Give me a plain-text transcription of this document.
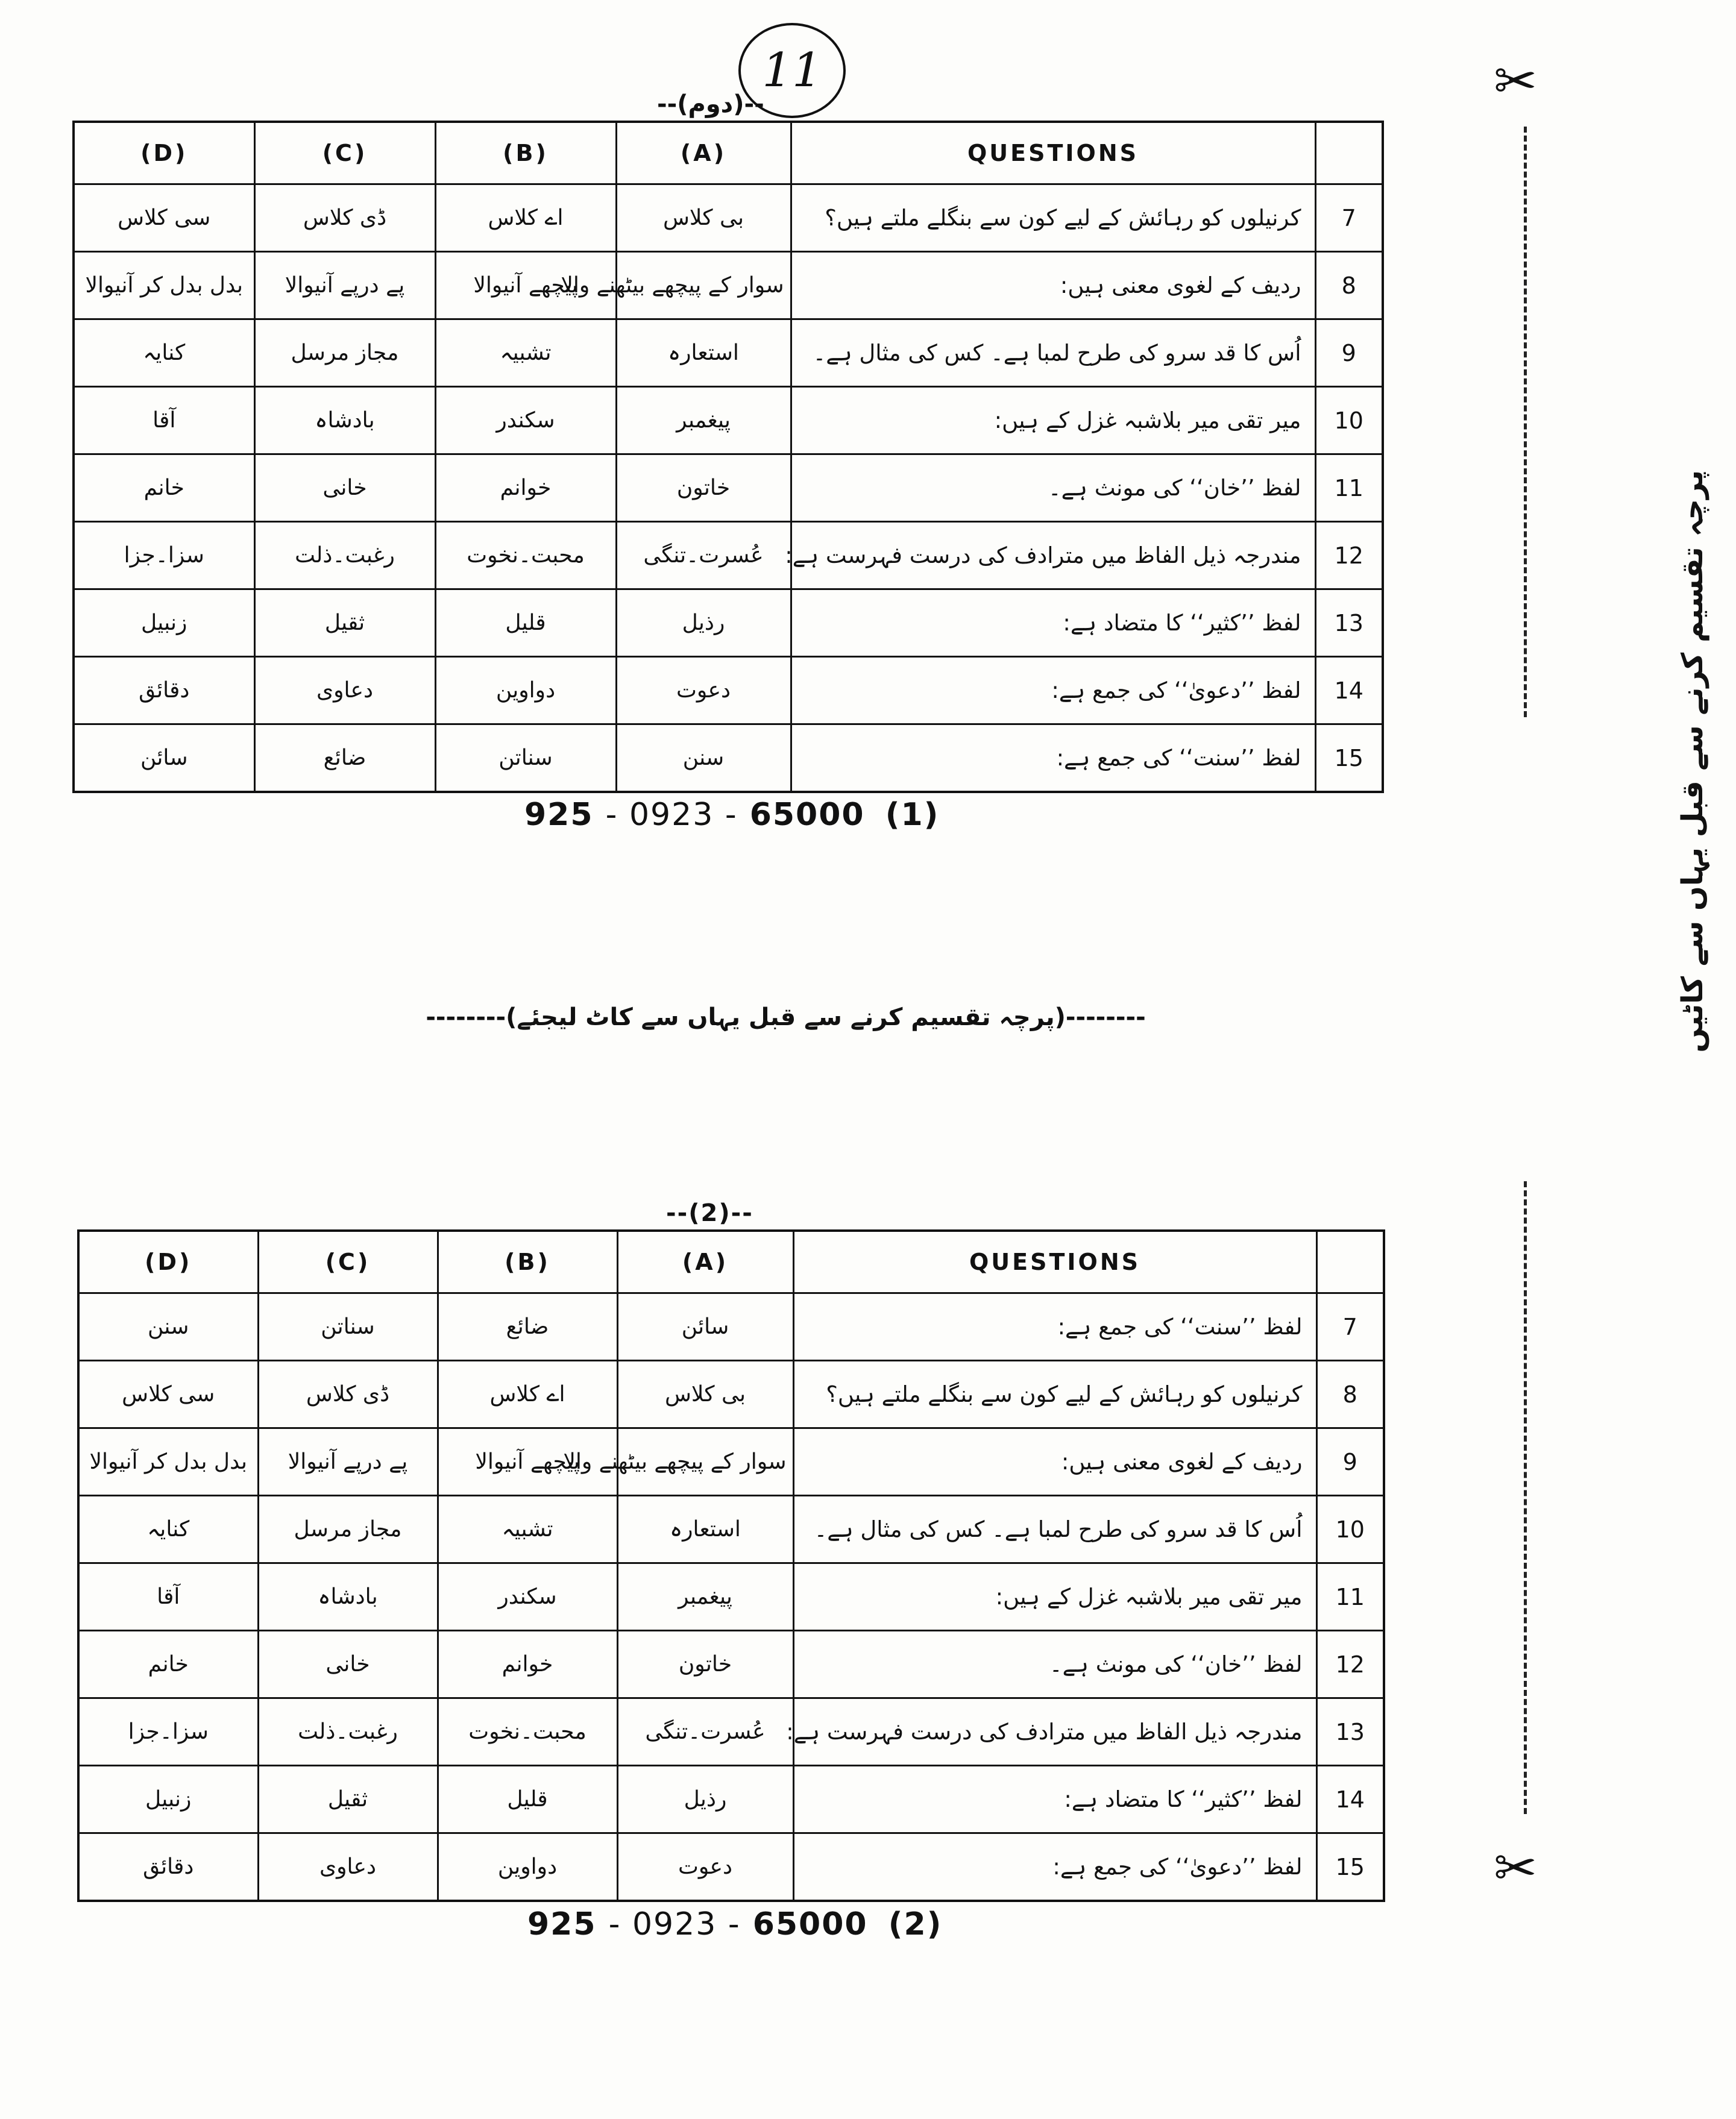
--(دوم)--
11
(D)	(C)	(B)	(A)	QUESTIONS	
سی کلاس	ڈی کلاس	اے کلاس	بی کلاس	کرنیلوں کو رہائش کے لیے کون سے بنگلے ملتے ہیں؟	7
بدل بدل کر آنیوالا	پے درپے آنیوالا	پیچھے آنیوالا	سوار کے پیچھے بیٹھنے والا	ردیف کے لغوی معنی ہیں:	8
کنایہ	مجاز مرسل	تشبیہ	استعارہ	اُس کا قد سرو کی طرح لمبا ہے۔ کس کی مثال ہے۔	9
آقا	بادشاہ	سکندر	پیغمبر	میر تقی میر بلاشبہ غزل کے ہیں:	10
خانم	خانی	خوانم	خاتون	لفظ ’’خان‘‘ کی مونث ہے۔	11
سزا۔جزا	رغبت۔ذلت	محبت۔نخوت	عُسرت۔تنگی	مندرجہ ذیل الفاظ میں مترادف کی درست فہرست ہے:	12
زنبیل	ثقیل	قلیل	رذیل	لفظ ’’کثیر‘‘ کا متضاد ہے:	13
دقائق	دعاوی	دواوین	دعوت	لفظ ’’دعویٰ‘‘ کی جمع ہے:	14
سائن	ضائع	سناتن	سنن	لفظ ’’سنت‘‘ کی جمع ہے:	15
925 - 0923 - 65000 (1)
--------(پرچہ تقسیم کرنے سے قبل یہاں سے کاٹ لیجئے)--------
--(2)--
(D)	(C)	(B)	(A)	QUESTIONS	
سنن	سناتن	ضائع	سائن	لفظ ’’سنت‘‘ کی جمع ہے:	7
سی کلاس	ڈی کلاس	اے کلاس	بی کلاس	کرنیلوں کو رہائش کے لیے کون سے بنگلے ملتے ہیں؟	8
بدل بدل کر آنیوالا	پے درپے آنیوالا	پیچھے آنیوالا	سوار کے پیچھے بیٹھنے والا	ردیف کے لغوی معنی ہیں:	9
کنایہ	مجاز مرسل	تشبیہ	استعارہ	اُس کا قد سرو کی طرح لمبا ہے۔ کس کی مثال ہے۔	10
آقا	بادشاہ	سکندر	پیغمبر	میر تقی میر بلاشبہ غزل کے ہیں:	11
خانم	خانی	خوانم	خاتون	لفظ ’’خان‘‘ کی مونث ہے۔	12
سزا۔جزا	رغبت۔ذلت	محبت۔نخوت	عُسرت۔تنگی	مندرجہ ذیل الفاظ میں مترادف کی درست فہرست ہے:	13
زنبیل	ثقیل	قلیل	رذیل	لفظ ’’کثیر‘‘ کا متضاد ہے:	14
دقائق	دعاوی	دواوین	دعوت	لفظ ’’دعویٰ‘‘ کی جمع ہے:	15
925 - 0923 - 65000 (2)
✂
پرچہ تقسیم کرنے سے قبل یہاں سے کاٹیں
✂
